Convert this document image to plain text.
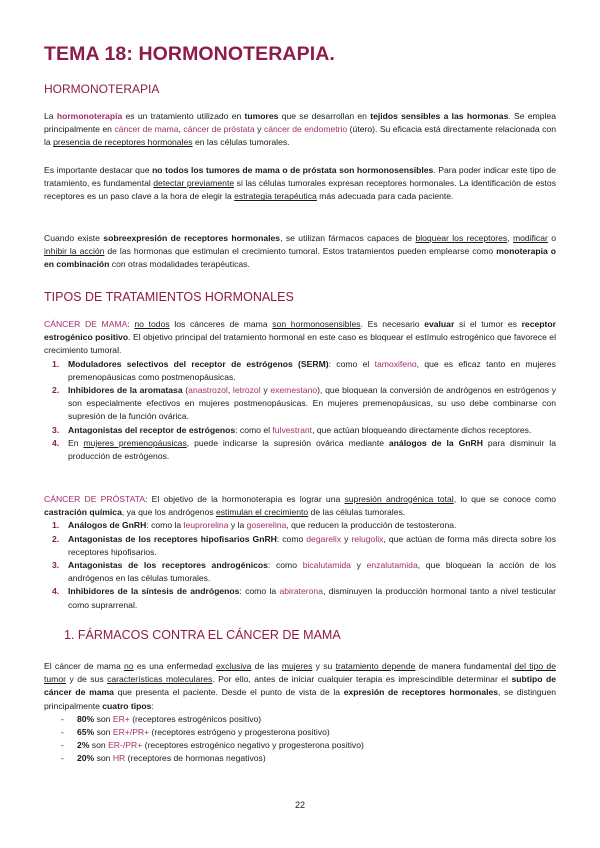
TEMA 18: HORMONOTERAPIA.
HORMONOTERAPIA
La hormonoterapia es un tratamiento utilizado en tumores que se desarrollan en tejidos sensibles a las hormonas. Se emplea principalmente en cáncer de mama, cáncer de próstata y cáncer de endometrio (útero). Su eficacia está directamente relacionada con la presencia de receptores hormonales en las células tumorales.
Es importante destacar que no todos los tumores de mama o de próstata son hormonosensibles. Para poder indicar este tipo de tratamiento, es fundamental detectar previamente si las células tumorales expresan receptores hormonales. La identificación de estos receptores es un paso clave a la hora de elegir la estrategia terapéutica más adecuada para cada paciente.
Cuando existe sobreexpresión de receptores hormonales, se utilizan fármacos capaces de bloquear los receptores, modificar o inhibir la acción de las hormonas que estimulan el crecimiento tumoral. Estos tratamientos pueden emplearse como monoterapia o en combinación con otras modalidades terapéuticas.
TIPOS DE TRATAMIENTOS HORMONALES
CÁNCER DE MAMA: no todos los cánceres de mama son hormonosensibles. Es necesario evaluar si el tumor es receptor estrogénico positivo. El objetivo principal del tratamiento hormonal en este caso es bloquear el estímulo estrogénico que favorece el crecimiento tumoral.
1. Moduladores selectivos del receptor de estrógenos (SERM): como el tamoxifeno, que es eficaz tanto en mujeres premenopáusicas como postmenopáusicas.
2. Inhibidores de la aromatasa (anastrozol, letrozol y exemestano), que bloquean la conversión de andrógenos en estrógenos y son especialmente efectivos en mujeres postmenopáusicas. En mujeres premenopáusicas, su uso debe combinarse con supresión de la función ovárica.
3. Antagonistas del receptor de estrógenos: como el fulvestrant, que actúan bloqueando directamente dichos receptores.
4. En mujeres premenopáusicas, puede indicarse la supresión ovárica mediante análogos de la GnRH para disminuir la producción de estrógenos.
CÁNCER DE PRÓSTATA: El objetivo de la hormonoterapia es lograr una supresión androgénica total, lo que se conoce como castración química, ya que los andrógenos estimulan el crecimiento de las células tumorales.
1. Análogos de GnRH: como la leuprorelina y la goserelina, que reducen la producción de testosterona.
2. Antagonistas de los receptores hipofisarios GnRH: como degarelix y relugolix, que actúan de forma más directa sobre los receptores hipofisarios.
3. Antagonistas de los receptores androgénicos: como bicalutamida y enzalutamida, que bloquean la acción de los andrógenos en las células tumorales.
4. Inhibidores de la síntesis de andrógenos: como la abiraterona, disminuyen la producción hormonal tanto a nivel testicular como suprarrenal.
1. FÁRMACOS CONTRA EL CÁNCER DE MAMA
El cáncer de mama no es una enfermedad exclusiva de las mujeres y su tratamiento depende de manera fundamental del tipo de tumor y de sus características moleculares. Por ello, antes de iniciar cualquier terapia es imprescindible determinar el subtipo de cáncer de mama que presenta el paciente. Desde el punto de vista de la expresión de receptores hormonales, se distinguen principalmente cuatro tipos:
- 80% son ER+ (receptores estrogénicos positivo)
- 65% son ER+/PR+ (receptores estrógeno y progesterona positivo)
- 2% son ER-/PR+ (receptores estrogénico negativo y progesterona positivo)
- 20% son HR (receptores de hormonas negativos)
22
